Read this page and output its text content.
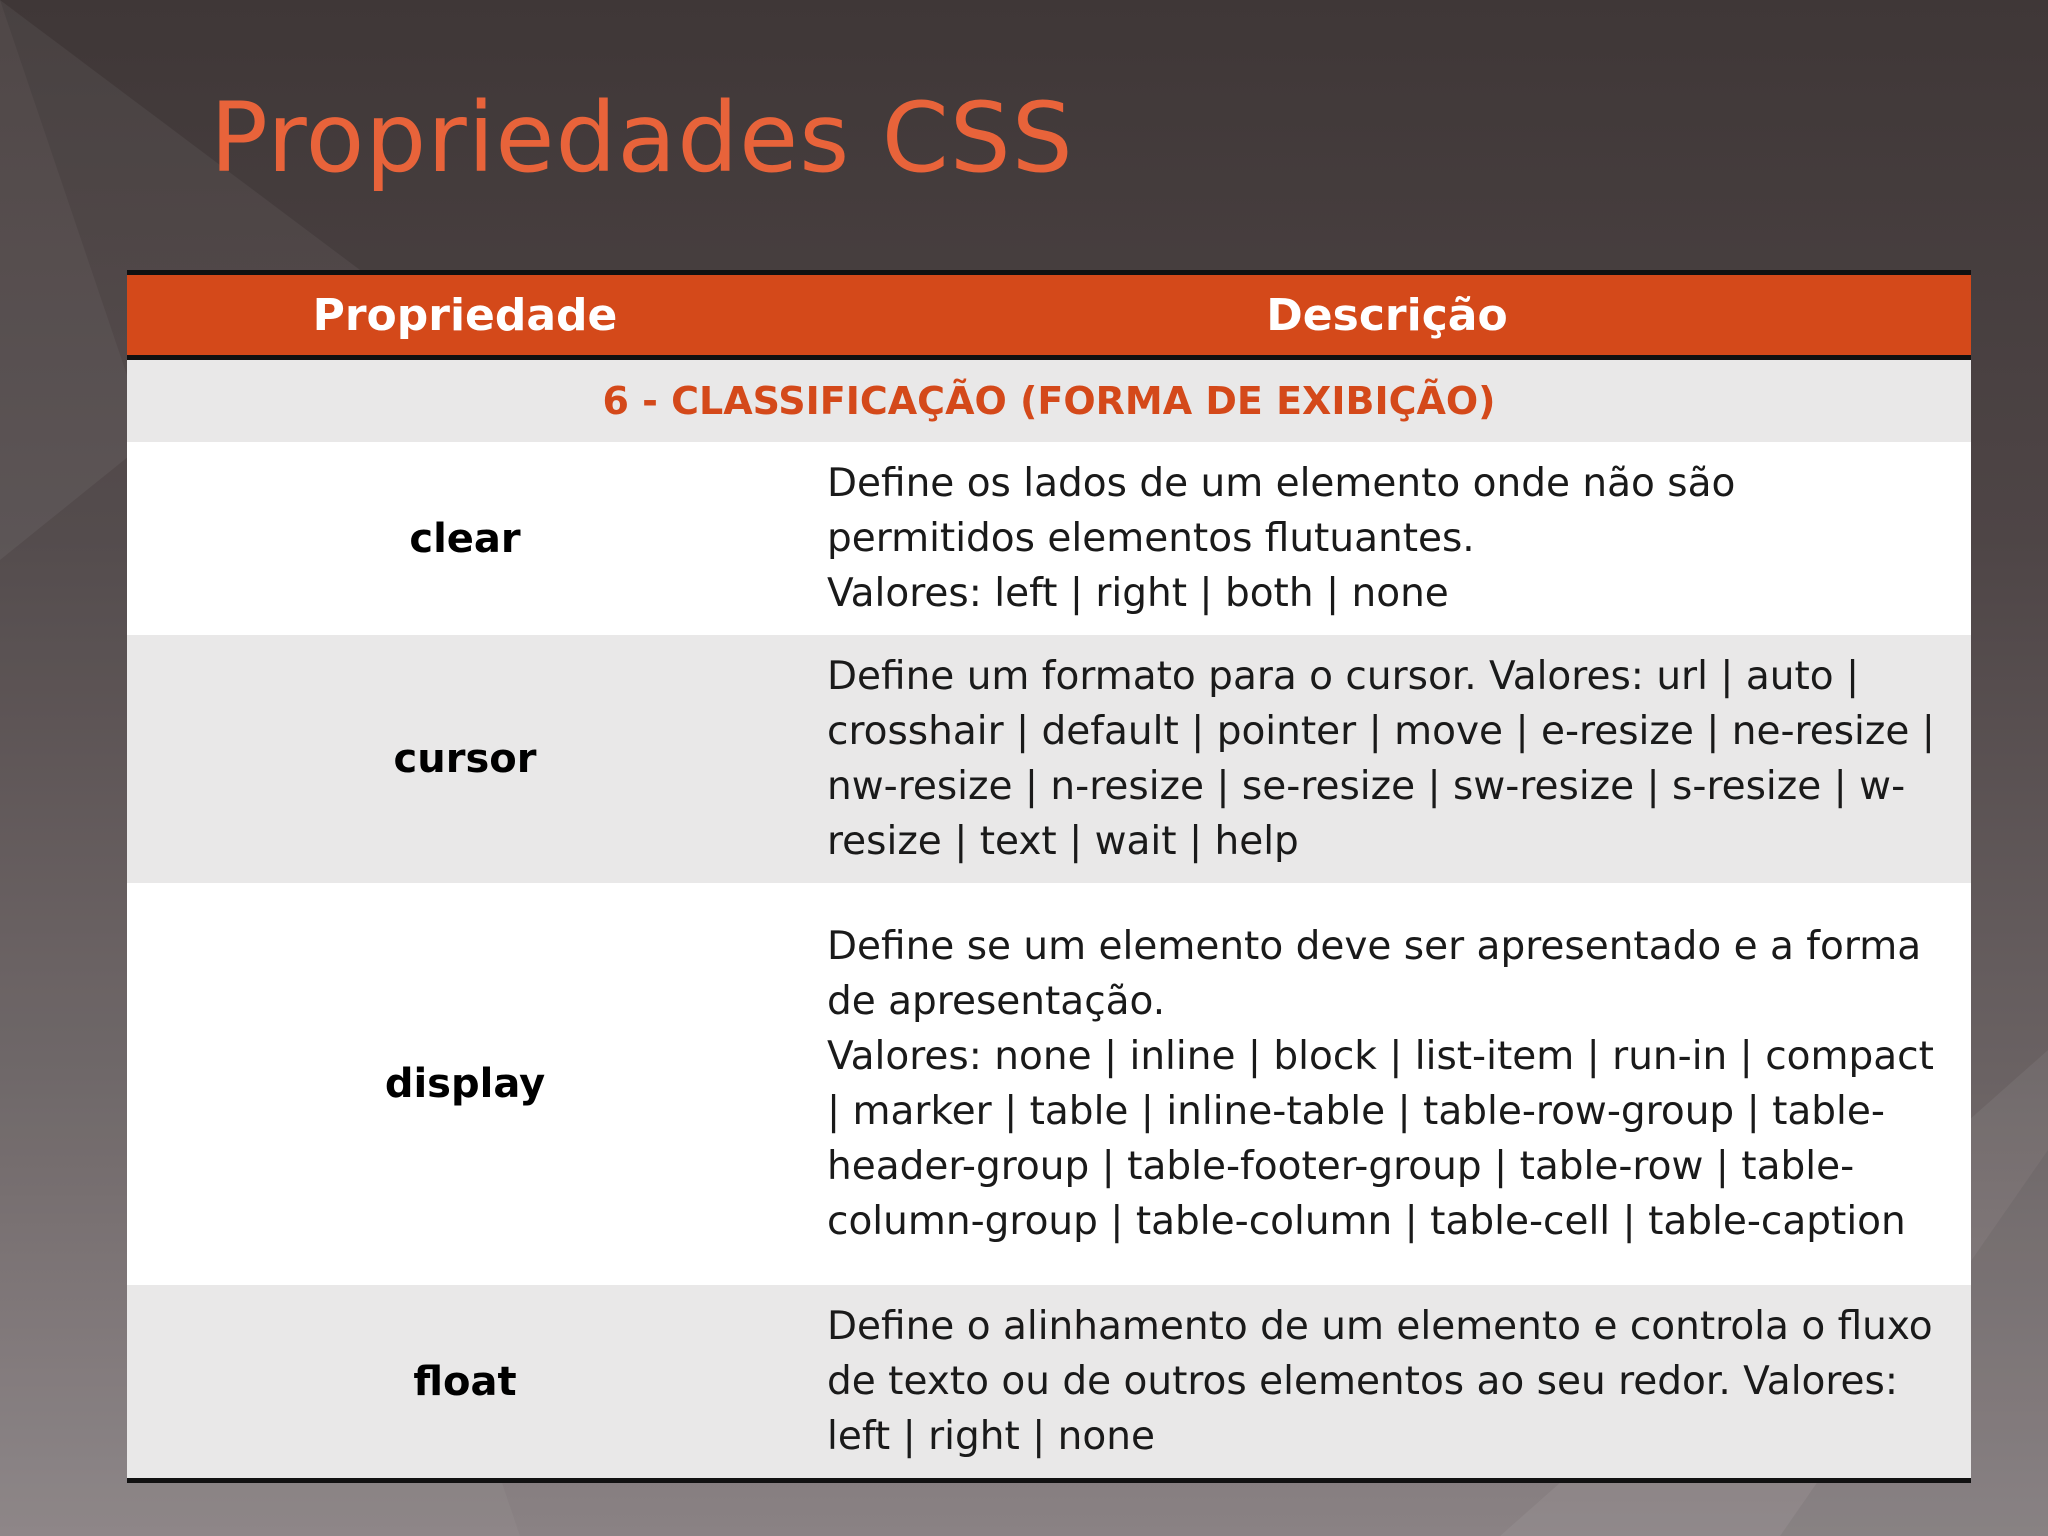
Propriedades CSS
Propriedade	Descrição
6 - CLASSIFICAÇÃO (FORMA DE EXIBIÇÃO)	
clear	Define os lados de um elemento onde não são permitidos elementos flutuantes.
Valores: left | right | both | none

cursor	Define um formato para o cursor. Valores: url | auto | crosshair | default | pointer | move | e-resize | ne-resize | nw-resize | n-resize | se-resize | sw-resize | s-resize | w-resize | text | wait | help

display	Define se um elemento deve ser apresentado e a forma de apresentação.
Valores: none | inline | block | list-item | run-in | compact | marker | table | inline-table | table-row-group | table-header-group | table-footer-group | table-row | table-column-group | table-column | table-cell | table-caption

float	Define o alinhamento de um elemento e controla o fluxo de texto ou de outros elementos ao seu redor. Valores: left | right | none
